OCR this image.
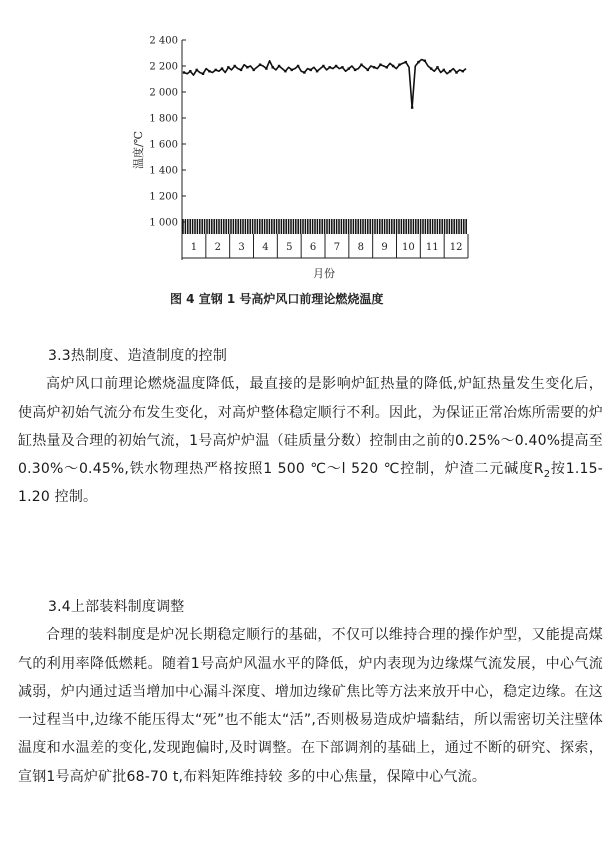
温度/℃
月份
图 4 宣钢 1 号高炉风口前理论燃烧温度
1 000
1 200
1 400
1 600
1 800
2 000
2 200
2 400
1 2 3 4 5 6 7 8 9 10 11 12

3.3热制度、造渣制度的控制

高炉风口前理论燃烧温度降低，最直接的是影响炉缸热量的降低,炉缸热量发生变化后，使高炉初始气流分布发生变化，对高炉整体稳定顺行不利。因此，为保证正常冶炼所需要的炉缸热量及合理的初始气流，1号高炉炉温（硅质量分数）控制由之前的0.25%～0.40%提高至0.30%～0.45%,铁水物理热严格按照1 500 ℃～l 520 ℃控制，炉渣二元碱度$R_2$按1.15-1.20 控制。

3.4上部装料制度调整

合理的装料制度是炉况长期稳定顺行的基础，不仅可以维持合理的操作炉型，又能提高煤气的利用率降低燃耗。随着1号高炉风温水平的降低，炉内表现为边缘煤气流发展，中心气流减弱，炉内通过适当增加中心漏斗深度、增加边缘矿焦比等方法来放开中心，稳定边缘。在这一过程当中,边缘不能压得太“死”也不能太“活”,否则极易造成炉墙黏结，所以需密切关注壁体温度和水温差的变化,发现跑偏时,及时调整。在下部调剂的基础上，通过不断的研究、探索，宣钢1号高炉矿批68-70 t,布料矩阵维持较 多的中心焦量，保障中心气流。
